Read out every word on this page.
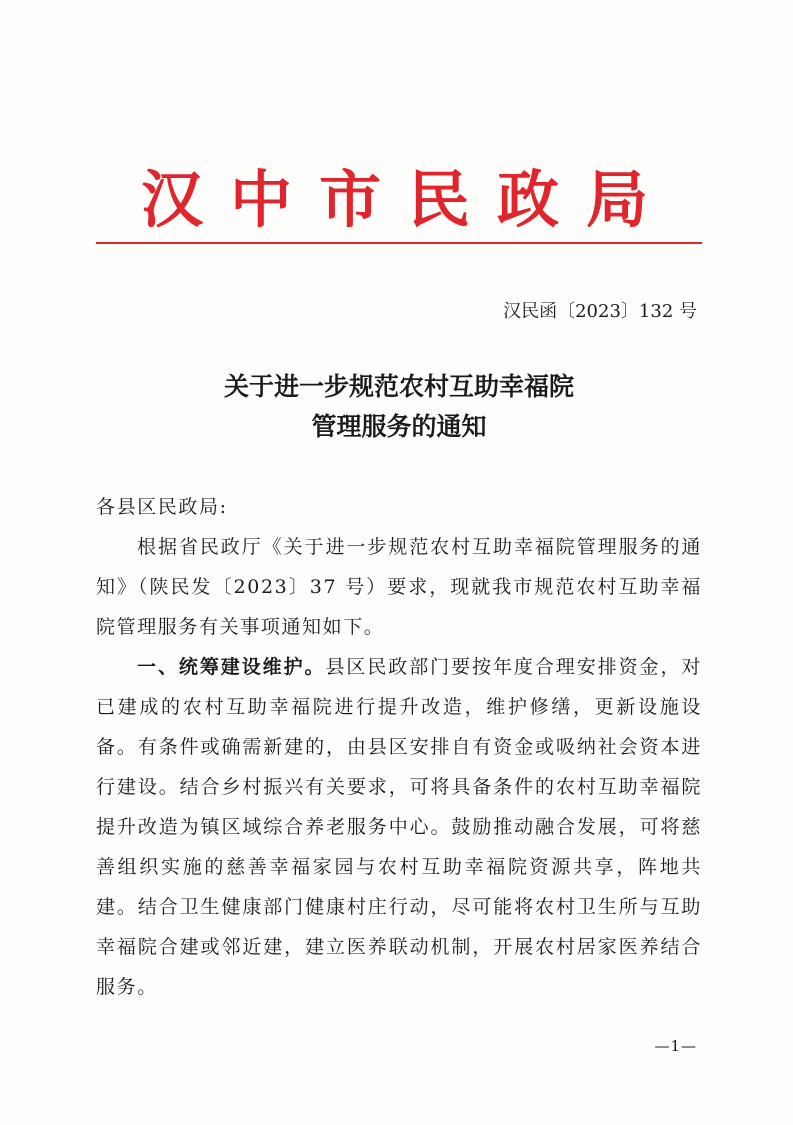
汉中市民政局
汉民函〔2023〕132 号
关于进一步规范农村互助幸福院
管理服务的通知
各县区民政局:
根据省民政厅《关于进一步规范农村互助幸福院管理服务的通知》（陕民发〔2023〕37 号）要求，现就我市规范农村互助幸福院管理服务有关事项通知如下。
一、统筹建设维护。县区民政部门要按年度合理安排资金，对已建成的农村互助幸福院进行提升改造，维护修缮，更新设施设备。有条件或确需新建的，由县区安排自有资金或吸纳社会资本进行建设。结合乡村振兴有关要求，可将具备条件的农村互助幸福院提升改造为镇区域综合养老服务中心。鼓励推动融合发展，可将慈善组织实施的慈善幸福家园与农村互助幸福院资源共享，阵地共建。结合卫生健康部门健康村庄行动，尽可能将农村卫生所与互助幸福院合建或邻近建，建立医养联动机制，开展农村居家医养结合服务。
—1—
